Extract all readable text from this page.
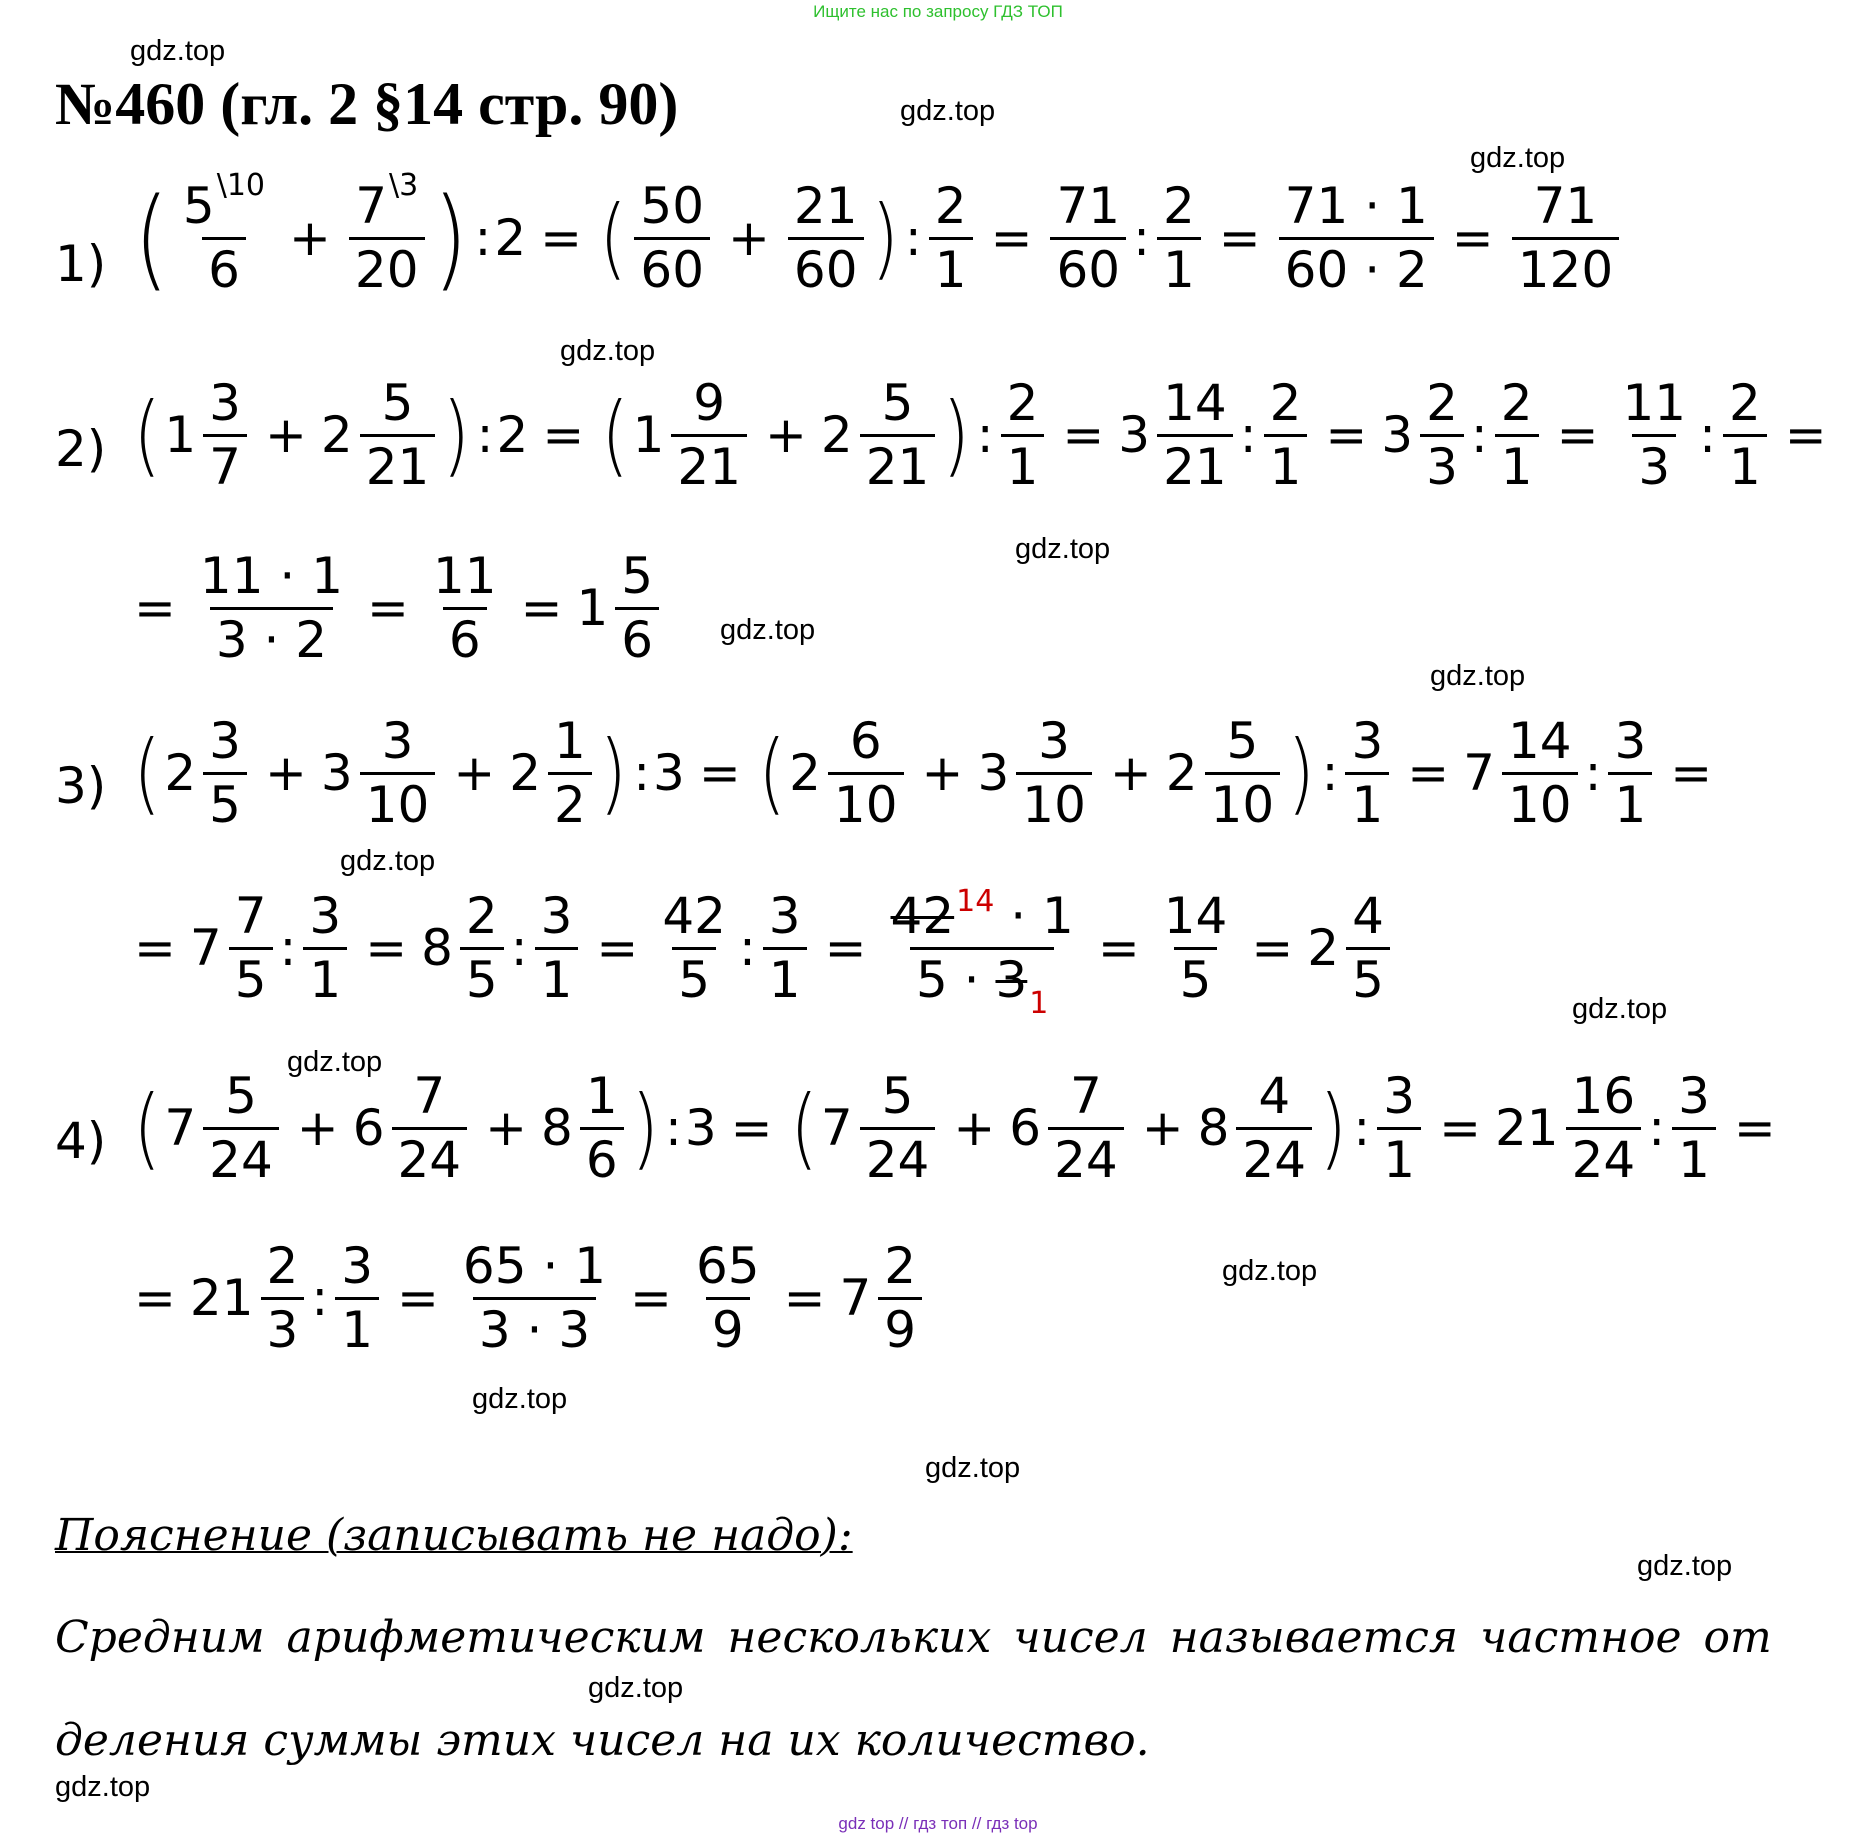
Ищите нас по запросу ГДЗ ТОП
gdz.top
gdz.top
gdz.top
gdz.top
gdz.top
gdz.top
gdz.top
gdz.top
gdz.top
gdz.top
gdz.top
gdz.top
gdz.top
gdz.top
gdz.top
gdz.top
№460 (гл. 2 §14 стр. 90)
1) ( $\frac{5^{\backslash 10}}{6} + \frac{7^{\backslash 3}}{20}$ ) : 2 = ( $\frac{50}{60} + \frac{21}{60}$ ) : $\frac{2}{1} = \frac{71}{60}$ : $\frac{2}{1} = \frac{71 \cdot 1}{60 \cdot 2} = \frac{71}{120}$
2) ( $1 \frac{3}{7} + 2 \frac{5}{21}$ ) : 2 = ( $1 \frac{9}{21} + 2 \frac{5}{21}$ ) : $\frac{2}{1} = 3 \frac{14}{21}$ : $\frac{2}{1} = 3 \frac{2}{3}$ : $\frac{2}{1} = \frac{11}{3}$ : $\frac{2}{1}$ =
= $\frac{11 \cdot 1}{3 \cdot 2} = \frac{11}{6} = 1 \frac{5}{6}$
3) ( $2 \frac{3}{5} + 3 \frac{3}{10} + 2 \frac{1}{2}$ ) : 3 = ( $2 \frac{6}{10} + 3 \frac{3}{10} + 2 \frac{5}{10}$ ) : $\frac{3}{1} = 7 \frac{14}{10}$ : $\frac{3}{1}$ =
= $7 \frac{7}{5}$ : $\frac{3}{1} = 8 \frac{2}{5}$ : $\frac{3}{1} = \frac{42}{5}$ : $\frac{3}{1} = \frac{42^{14} \cdot 1}{5 \cdot 3_1} = \frac{14}{5} = 2 \frac{4}{5}$
4) ( $7 \frac{5}{24} + 6 \frac{7}{24} + 8 \frac{1}{6}$ ) : 3 = ( $7 \frac{5}{24} + 6 \frac{7}{24} + 8 \frac{4}{24}$ ) : $\frac{3}{1} = 21 \frac{16}{24}$ : $\frac{3}{1}$ =
= $21 \frac{2}{3}$ : $\frac{3}{1} = \frac{65 \cdot 1}{3 \cdot 3} = \frac{65}{9} = 7 \frac{2}{9}$
Пояснение (записывать не надо):
Средним арифметическим нескольких чисел называется частное от
деления суммы этих чисел на их количество.
gdz top // гдз топ // гдз top
